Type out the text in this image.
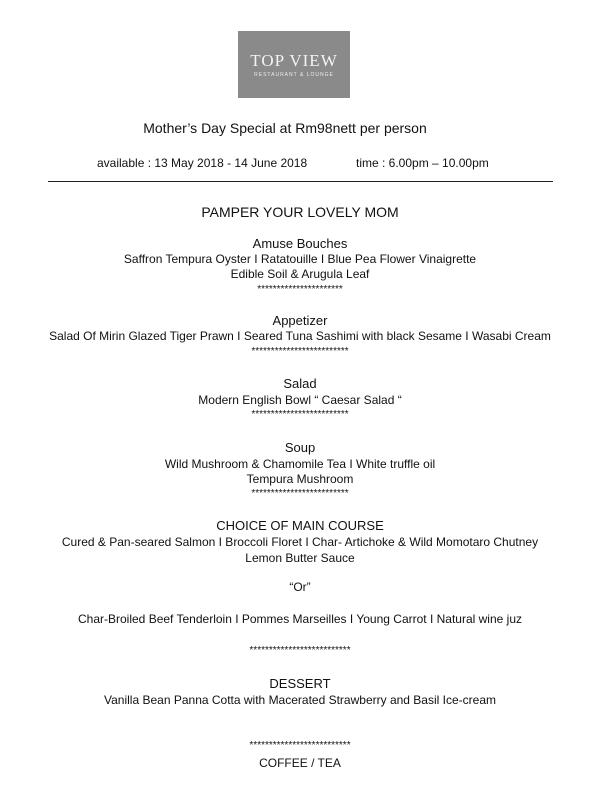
TOP VIEW
RESTAURANT & LOUNGE
Mother’s Day Special at Rm98nett per person
available : 13 May 2018 - 14 June 2018	time : 6.00pm – 10.00pm
PAMPER YOUR LOVELY MOM
Amuse Bouches
Saffron Tempura Oyster I Ratatouille I Blue Pea Flower Vinaigrette
Edible Soil & Arugula Leaf
**********************
Appetizer
Salad Of Mirin Glazed Tiger Prawn I Seared Tuna Sashimi with black Sesame I Wasabi Cream
*************************
Salad
Modern English Bowl “ Caesar Salad “
*************************
Soup
Wild Mushroom & Chamomile Tea I White truffle oil
Tempura Mushroom
*************************
CHOICE OF MAIN COURSE
Cured & Pan-seared Salmon I Broccoli Floret I Char- Artichoke & Wild Momotaro Chutney
Lemon Butter Sauce
“Or”
Char-Broiled Beef Tenderloin I Pommes Marseilles I Young Carrot I Natural wine juz
**************************
DESSERT
Vanilla Bean Panna Cotta with Macerated Strawberry and Basil Ice-cream
**************************
COFFEE / TEA
